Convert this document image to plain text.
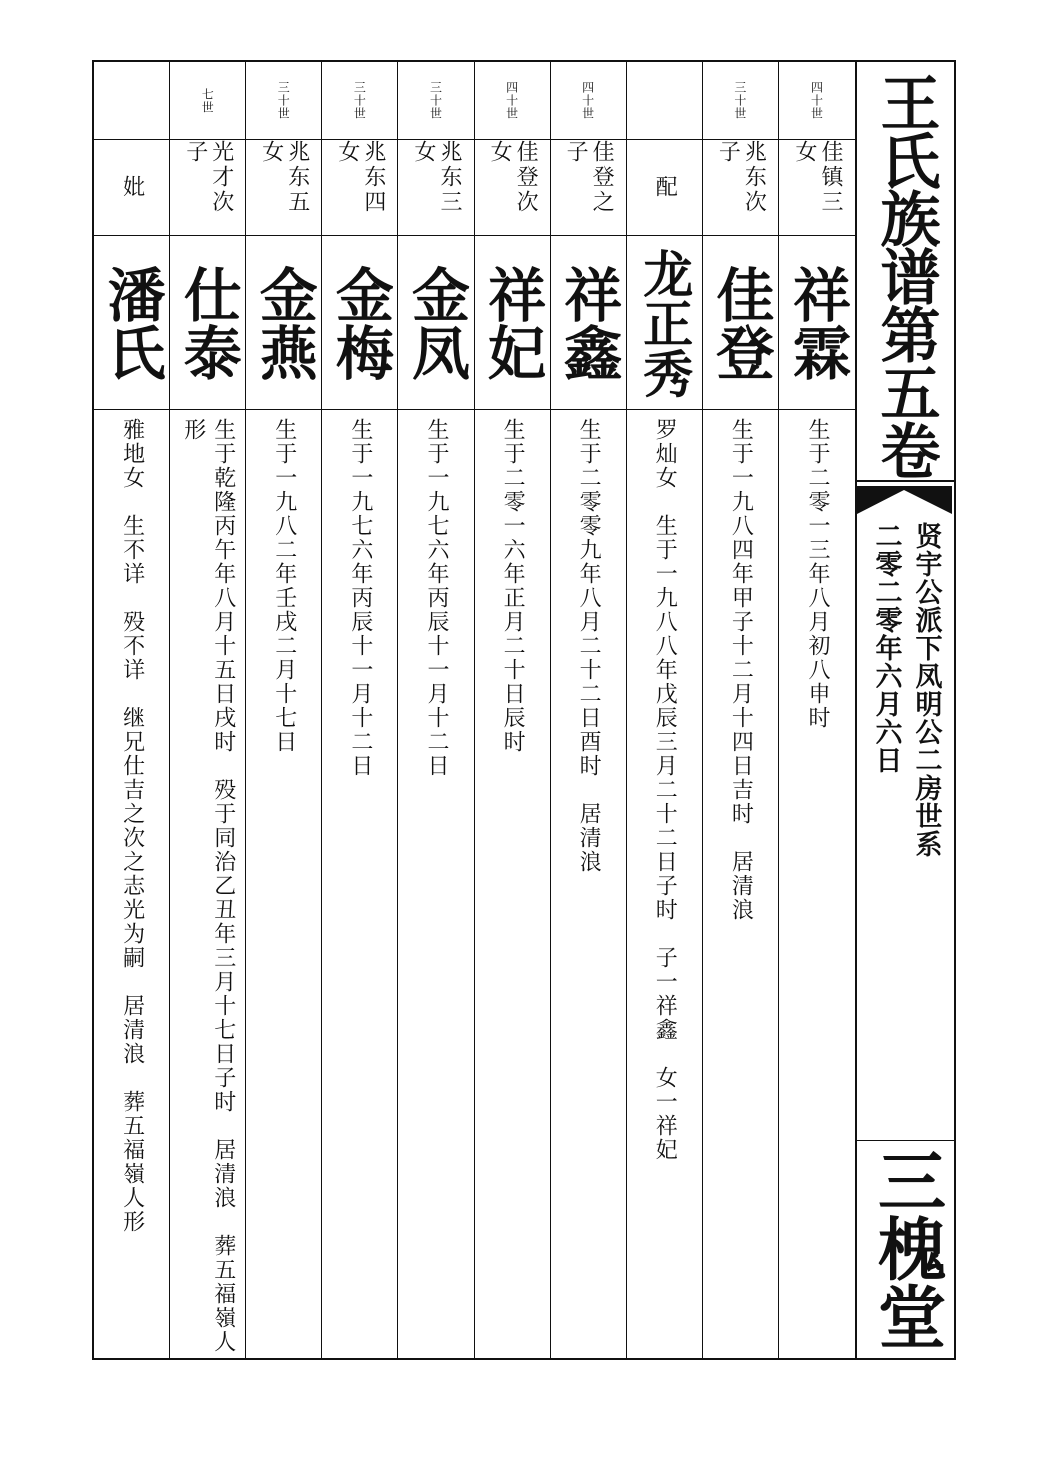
四十世
佳镇三女
祥霖
生于二零一三年八月初八申时
三十世
兆东次子
佳登
生于一九八四年甲子十二月十四日吉时　居清浪
配
龙正秀
罗灿女　生于一九八八年戊辰三月二十二日子时　子一祥鑫　女一祥妃
四十世
佳登之子
祥鑫
生于二零零九年八月二十二日酉时　居清浪
四十世
佳登次女
祥妃
生于二零一六年正月二十日辰时
三十世
兆东三女
金凤
生于一九七六年丙辰十一月十二日
三十世
兆东四女
金梅
生于一九七六年丙辰十一月十二日
三十世
兆东五女
金燕
生于一九八二年壬戌二月十七日
七世
光才次子
仕泰
生于乾隆丙午年八月十五日戌时　殁于同治乙丑年三月十七日子时　居清浪　葬五福嶺人形
妣
潘氏
雅地女　生不详　殁不详　继兄仕吉之次之志光为嗣　居清浪　葬五福嶺人形
王氏族谱第五卷
贤宇公派下凤明公二房世系
二零二零年六月六日
三槐堂
